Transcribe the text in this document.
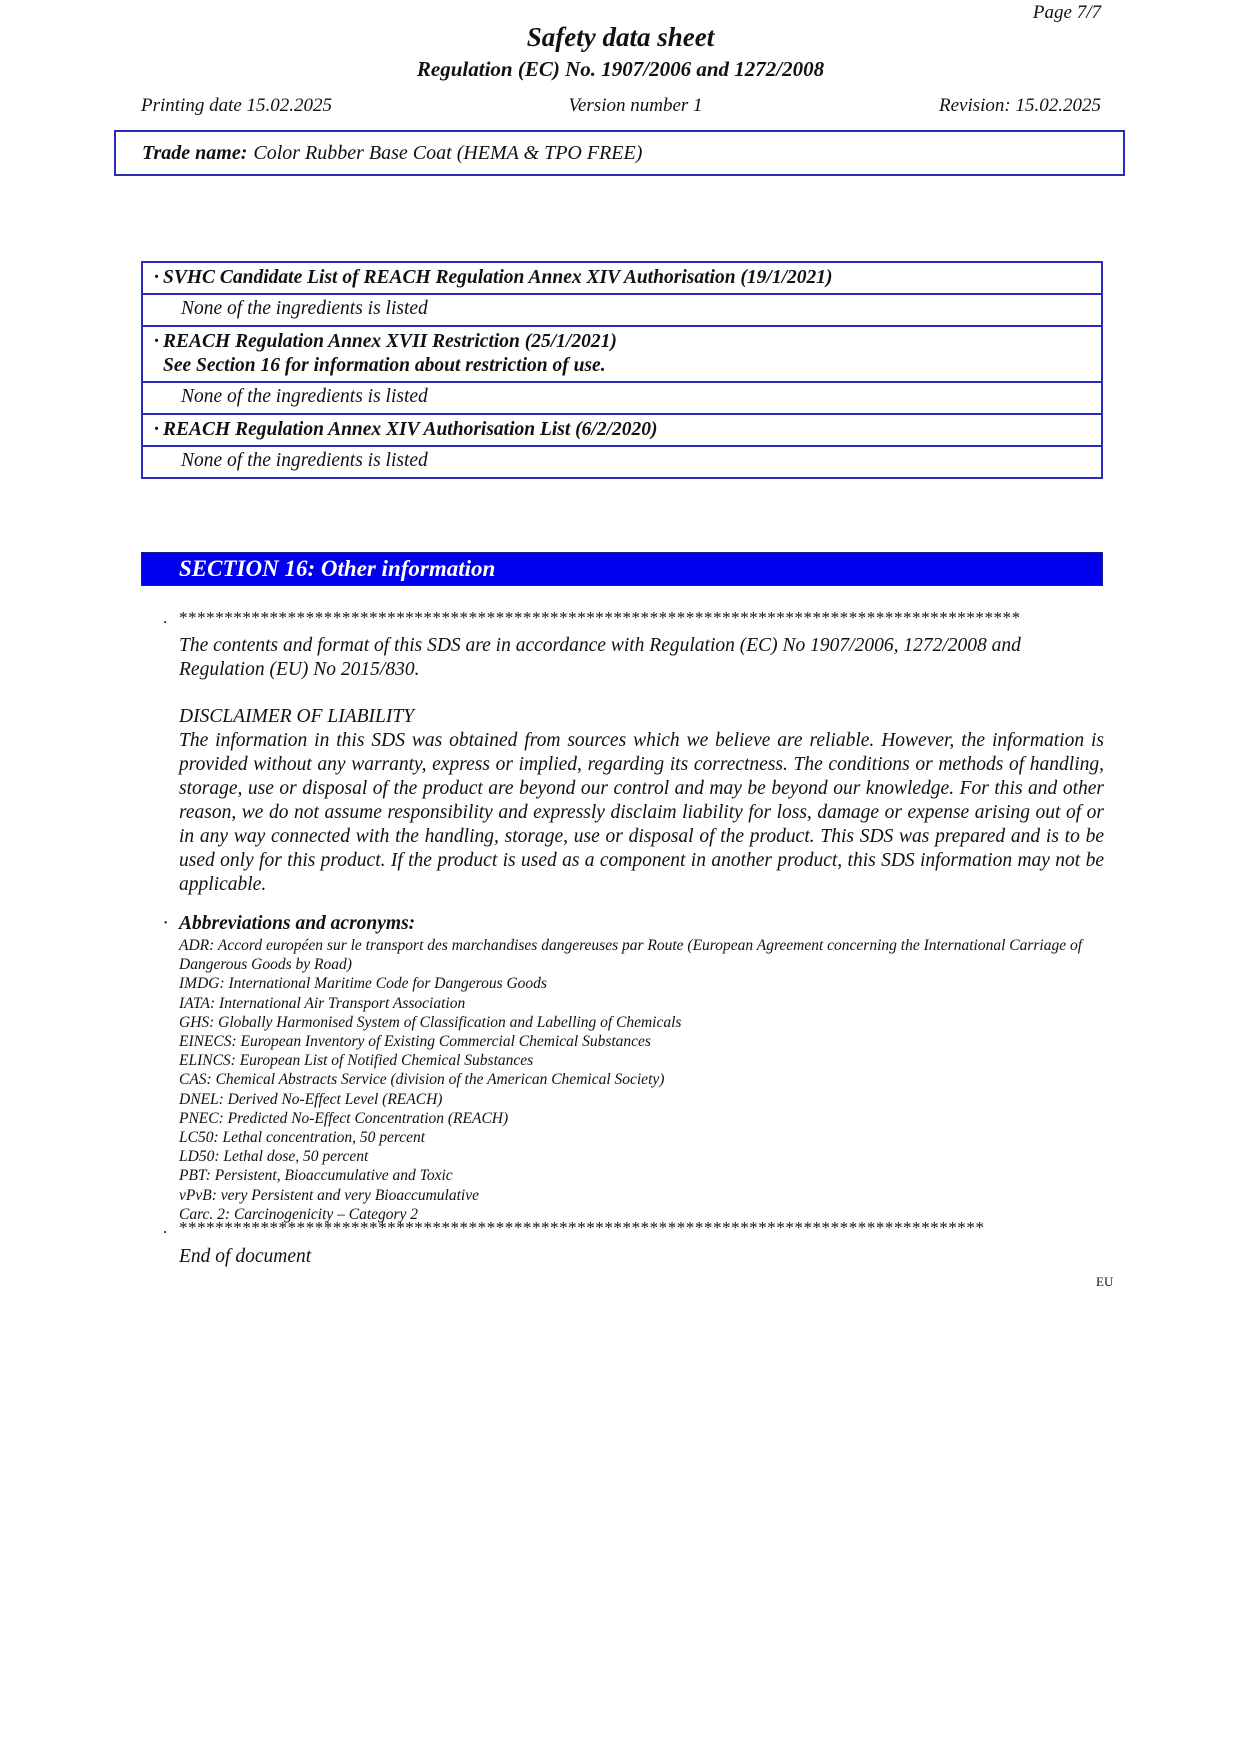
Page 7/7
Safety data sheet
Regulation (EC) No. 1907/2006 and 1272/2008
Printing date 15.02.2025	Version number 1	Revision: 15.02.2025
Trade name: Color Rubber Base Coat (HEMA & TPO FREE)
· SVHC Candidate List of REACH Regulation Annex XIV Authorisation (19/1/2021)
None of the ingredients is listed
· REACH Regulation Annex XVII Restriction (25/1/2021)
See Section 16 for information about restriction of use.
None of the ingredients is listed
· REACH Regulation Annex XIV Authorisation List (6/2/2020)
None of the ingredients is listed
SECTION 16: Other information
. *********************************************************************************************
The contents and format of this SDS are in accordance with Regulation (EC) No 1907/2006, 1272/2008 and Regulation (EU) No 2015/830.
DISCLAIMER OF LIABILITY
The information in this SDS was obtained from sources which we believe are reliable. However, the information is provided without any warranty, express or implied, regarding its correctness. The conditions or methods of handling, storage, use or disposal of the product are beyond our control and may be beyond our knowledge. For this and other reason, we do not assume responsibility and expressly disclaim liability for loss, damage or expense arising out of or in any way connected with the handling, storage, use or disposal of the product. This SDS was prepared and is to be used only for this product. If the product is used as a component in another product, this SDS information may not be applicable.
· Abbreviations and acronyms:
ADR: Accord européen sur le transport des marchandises dangereuses par Route (European Agreement concerning the International Carriage of Dangerous Goods by Road)
IMDG: International Maritime Code for Dangerous Goods
IATA: International Air Transport Association
GHS: Globally Harmonised System of Classification and Labelling of Chemicals
EINECS: European Inventory of Existing Commercial Chemical Substances
ELINCS: European List of Notified Chemical Substances
CAS: Chemical Abstracts Service (division of the American Chemical Society)
DNEL: Derived No-Effect Level (REACH)
PNEC: Predicted No-Effect Concentration (REACH)
LC50: Lethal concentration, 50 percent
LD50: Lethal dose, 50 percent
PBT: Persistent, Bioaccumulative and Toxic
vPvB: very Persistent and very Bioaccumulative
Carc. 2: Carcinogenicity – Category 2
. *****************************************************************************************
End of document
EU
